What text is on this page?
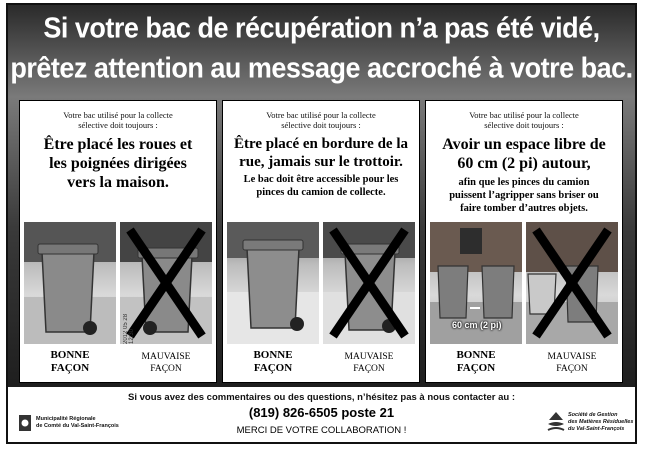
Si votre bac de récupération n’a pas été vidé,
prêtez attention au message accroché à votre bac.
Votre bac utilisé pour la collecte
sélective doit toujours :
Être placé les roues et
les poignées dirigées
vers la maison.
2012 05 28 12:30
BONNE
FAÇON
MAUVAISE
FAÇON
Votre bac utilisé pour la collecte
sélective doit toujours :
Être placé en bordure de la
rue, jamais sur le trottoir.
Le bac doit être accessible pour les
pinces du camion de collecte.
BONNE
FAÇON
MAUVAISE
FAÇON
Votre bac utilisé pour la collecte
sélective doit toujours :
Avoir un espace libre de
60 cm (2 pi) autour,
afin que les pinces du camion
puissent l’agripper sans briser ou
faire tomber d’autres objets.
60 cm (2 pi)
BONNE
FAÇON
MAUVAISE
FAÇON
Si vous avez des commentaires ou des questions, n’hésitez pas à nous contacter au :
(819) 826-6505 poste 21
MERCI DE VOTRE COLLABORATION !
Municipalité Régionale
de Comté du Val-Saint-François
Société de Gestion
des Matières Résiduelles
du Val-Saint-François
